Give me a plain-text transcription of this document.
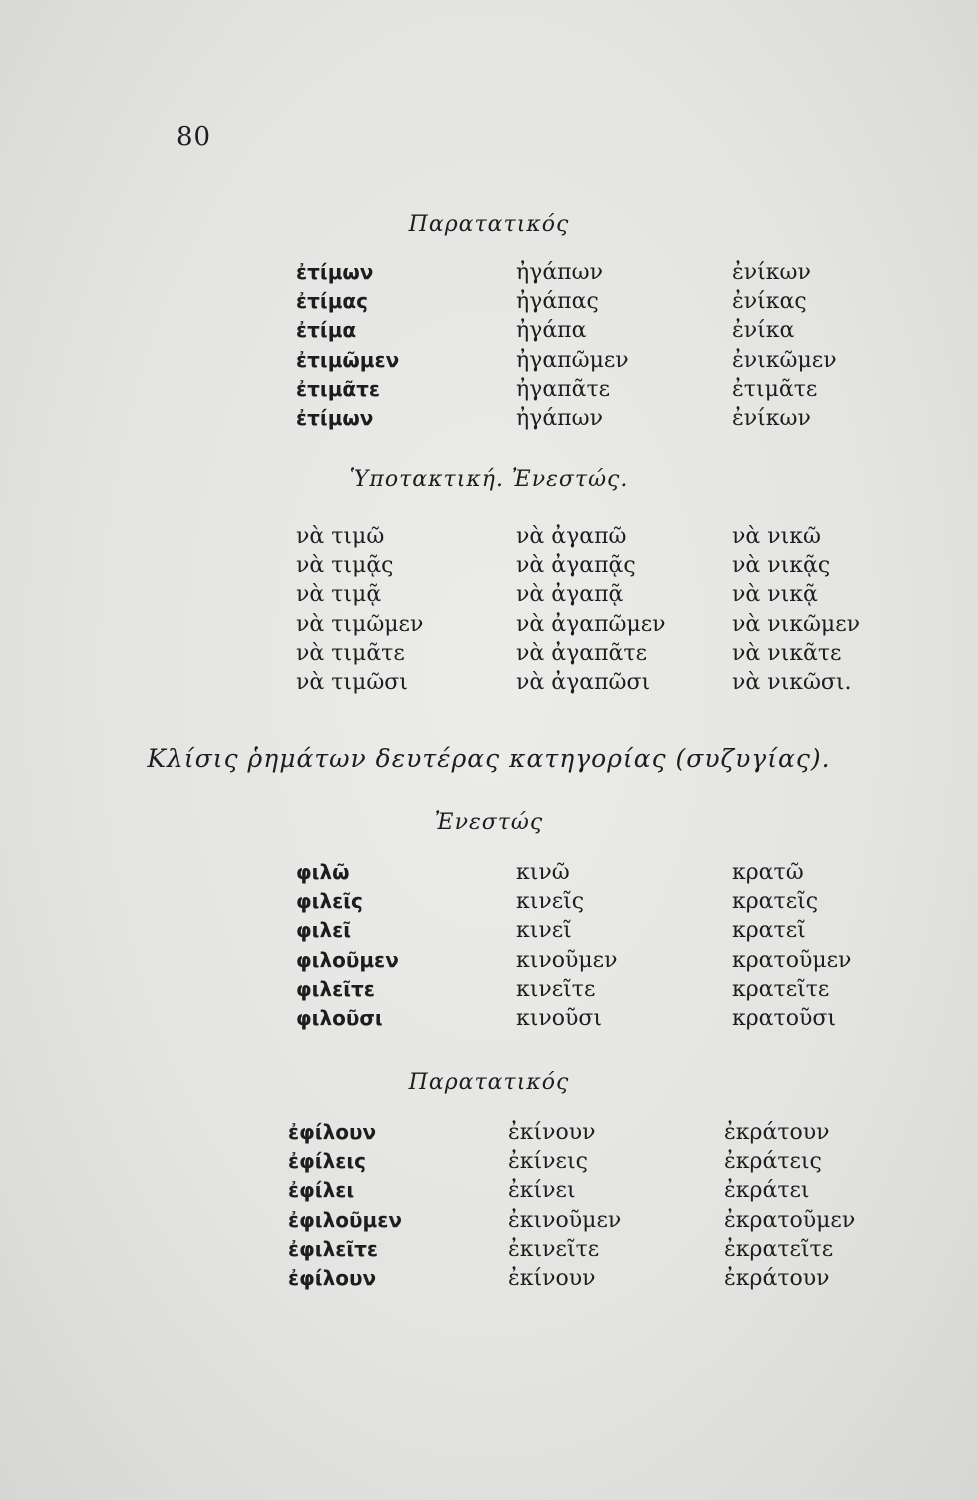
80
Παρατατικός
ἐτίμων
ἐτίμας
ἐτίμα
ἐτιμῶμεν
ἐτιμᾶτε
ἐτίμων
ἠγάπων
ἠγάπας
ἠγάπα
ἠγαπῶμεν
ἠγαπᾶτε
ἠγάπων
ἐνίκων
ἐνίκας
ἐνίκα
ἐνικῶμεν
ἐτιμᾶτε
ἐνίκων
Ὑποτακτική. Ἐνεστώς.
νὰ τιμῶ
νὰ τιμᾷς
νὰ τιμᾷ
νὰ τιμῶμεν
νὰ τιμᾶτε
νὰ τιμῶσι
νὰ ἀγαπῶ
νὰ ἀγαπᾷς
νὰ ἀγαπᾷ
νὰ ἀγαπῶμεν
νὰ ἀγαπᾶτε
νὰ ἀγαπῶσι
νὰ νικῶ
νὰ νικᾷς
νὰ νικᾷ
νὰ νικῶμεν
νὰ νικᾶτε
νὰ νικῶσι.
Κλίσις ῥημάτων δευτέρας κατηγορίας (συζυγίας).
Ἐνεστώς
φιλῶ
φιλεῖς
φιλεῖ
φιλοῦμεν
φιλεῖτε
φιλοῦσι
κινῶ
κινεῖς
κινεῖ
κινοῦμεν
κινεῖτε
κινοῦσι
κρατῶ
κρατεῖς
κρατεῖ
κρατοῦμεν
κρατεῖτε
κρατοῦσι
Παρατατικός
ἐφίλουν
ἐφίλεις
ἐφίλει
ἐφιλοῦμεν
ἐφιλεῖτε
ἐφίλουν
ἐκίνουν
ἐκίνεις
ἐκίνει
ἐκινοῦμεν
ἐκινεῖτε
ἐκίνουν
ἐκράτουν
ἐκράτεις
ἐκράτει
ἐκρατοῦμεν
ἐκρατεῖτε
ἐκράτουν
